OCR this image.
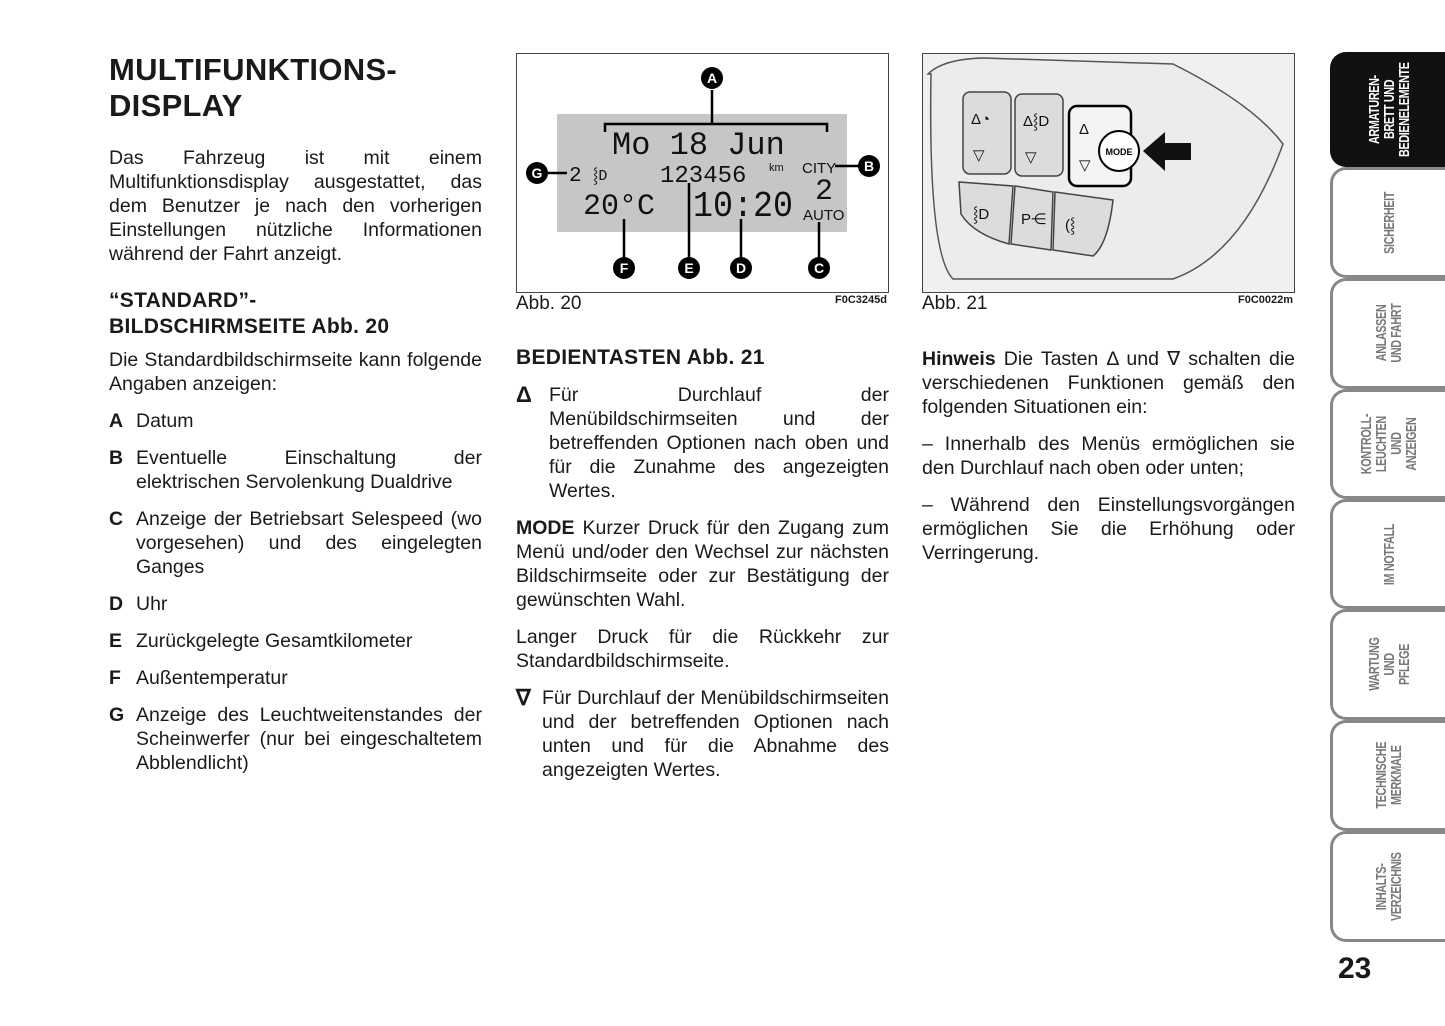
MULTIFUNKTIONS-
DISPLAY

Das Fahrzeug ist mit einem Multifunktionsdisplay ausgestattet, das dem Benutzer je nach den vorherigen Einstellungen nützliche Informationen während der Fahrt anzeigt.

“STANDARD”-
BILDSCHIRMSEITE Abb. 20

Die Standardbildschirmseite kann folgende Angaben anzeigen:

A Datum
B Eventuelle Einschaltung der elektrischen Servolenkung Dualdrive
C Anzeige der Betriebsart Selespeed (wo vorgesehen) und des eingelegten Ganges
D Uhr
E Zurückgelegte Gesamtkilometer
F Außentemperatur
G Anzeige des Leuchtweitenstandes der Scheinwerfer (nur bei eingeschaltetem Abblendlicht)
Mo 18 Jun
2 ⸾D 123456 km CITY
2
AUTO
20°C 10:20
A
B
C
D
E
F
G
Abb. 20	F0C3245d
Δ◔
▽
Δ⸾D
▽
Δ
▽
⸾D P⋲ (⸾
MODE
Abb. 21	F0C0022m
BEDIENTASTEN Abb. 21
Δ Für Durchlauf der Menübildschirmseiten und der betreffenden Optionen nach oben und für die Zunahme des angezeigten Wertes.

MODE Kurzer Druck für den Zugang zum Menü und/oder den Wechsel zur nächsten Bildschirmseite oder zur Bestätigung der gewünschten Wahl.

Langer Druck für die Rückkehr zur Standardbildschirmseite.

∇ Für Durchlauf der Menübildschirmseiten und der betreffenden Optionen nach unten und für die Abnahme des angezeigten Wertes.

Hinweis Die Tasten Δ und ∇ schalten die verschiedenen Funktionen gemäß den folgenden Situationen ein:

– Innerhalb des Menüs ermöglichen sie den Durchlauf nach oben oder unten;

– Während den Einstellungsvorgängen ermöglichen Sie die Erhöhung oder Verringerung.

ARMATUREN-
BRETT UND
BEDIENELEMENTE
SICHERHEIT
ANLASSEN
UND FAHRT
KONTROLL-
LEUCHTEN UND
ANZEIGEN
IM NOTFALL
WARTUNG UND
PFLEGE
TECHNISCHE
MERKMALE
INHALTS-
VERZEICHNIS
23
